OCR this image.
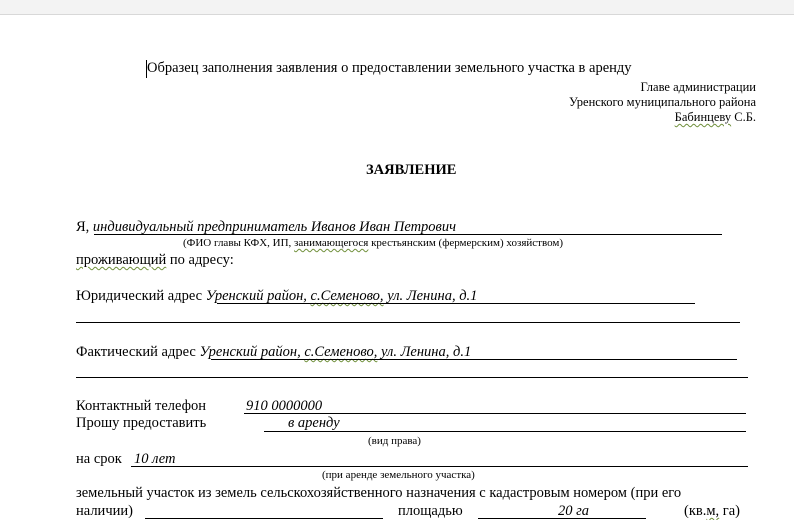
Образец заполнения заявления о предоставлении земельного участка в аренду
Главе администрации
Уренского муниципального района
Бабинцеву С.Б.
ЗАЯВЛЕНИЕ
Я, индивидуальный предприниматель Иванов Иван Петрович
(ФИО главы КФХ, ИП, занимающегося крестьянским (фермерским) хозяйством)
проживающий по адресу:
Юридический адрес Уренский район, с.Семеново, ул. Ленина, д.1
Фактический адрес Уренский район, с.Семеново, ул. Ленина, д.1
Контактный телефон	910 0000000
Прошу предоставить	в аренду
(вид права)
на срок 10 лет
(при аренде земельного участка)
земельный участок из земель сельскохозяйственного назначения с кадастровым номером (при его
наличии)	площадью	20 га	(кв.м, га)
